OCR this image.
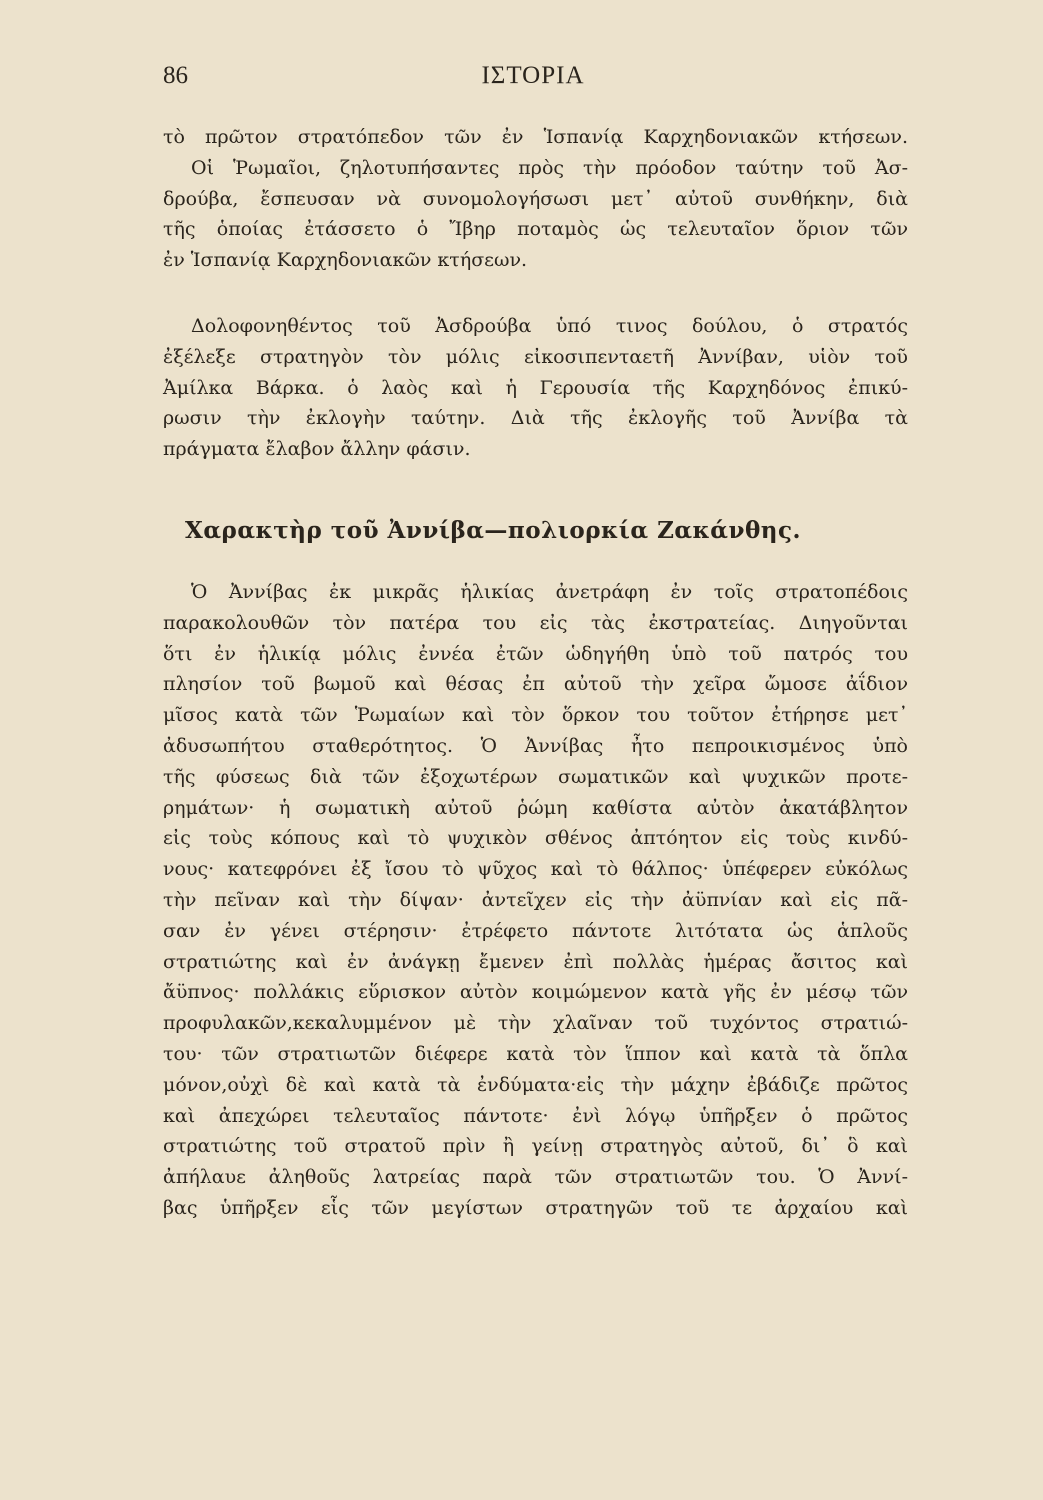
86	ΙΣΤΟΡΙΑ
τὸ πρῶτον στρατόπεδον τῶν ἐν Ἱσπανίᾳ Καρχηδονιακῶν κτήσεων.
Οἱ Ῥωμαῖοι, ζηλοτυπήσαντες πρὸς τὴν πρόοδον ταύτην τοῦ Ἀσ-
δρούβα, ἔσπευσαν νὰ συνομολογήσωσι μετ᾽ αὐτοῦ συνθήκην, διὰ
τῆς ὁποίας ἐτάσσετο ὁ Ἴβηρ ποταμὸς ὡς τελευταῖον ὅριον τῶν
ἐν Ἱσπανίᾳ Καρχηδονιακῶν κτήσεων.
Δολοφονηθέντος τοῦ Ἀσδρούβα ὑπό τινος δούλου, ὁ στρατός
ἐξέλεξε στρατηγὸν τὸν μόλις εἰκοσιπενταετῆ Ἀννίβαν, υἱὸν τοῦ
Ἀμίλκα Βάρκα. ὁ λαὸς καὶ ἡ Γερουσία τῆς Καρχηδόνος ἐπικύ-
ρωσιν τὴν ἐκλογὴν ταύτην. Διὰ τῆς ἐκλογῆς τοῦ Ἀννίβα τὰ
πράγματα ἔλαβον ἄλλην φάσιν.
Χαρακτὴρ τοῦ Ἀννίβα—πολιορκία Ζακάνθης.
Ὁ Ἀννίβας ἐκ μικρᾶς ἡλικίας ἀνετράφη ἐν τοῖς στρατοπέδοις
παρακολουθῶν τὸν πατέρα του εἰς τὰς ἐκστρατείας. Διηγοῦνται
ὅτι ἐν ἡλικίᾳ μόλις ἐννέα ἐτῶν ὡδηγήθη ὑπὸ τοῦ πατρός του
πλησίον τοῦ βωμοῦ καὶ θέσας ἐπ αὐτοῦ τὴν χεῖρα ὤμοσε ἀΐδιον
μῖσος κατὰ τῶν Ῥωμαίων καὶ τὸν ὅρκον του τοῦτον ἐτήρησε μετ᾽
ἀδυσωπήτου σταθερότητος. Ὁ Ἀννίβας ἦτο πεπροικισμένος ὑπὸ
τῆς φύσεως διὰ τῶν ἐξοχωτέρων σωματικῶν καὶ ψυχικῶν προτε-
ρημάτων· ἡ σωματικὴ αὐτοῦ ῥώμη καθίστα αὐτὸν ἀκατάβλητον
εἰς τοὺς κόπους καὶ τὸ ψυχικὸν σθένος ἀπτόητον εἰς τοὺς κινδύ-
νους· κατεφρόνει ἐξ ἴσου τὸ ψῦχος καὶ τὸ θάλπος· ὑπέφερεν εὐκόλως
τὴν πεῖναν καὶ τὴν δίψαν· ἀντεῖχεν εἰς τὴν ἀϋπνίαν καὶ εἰς πᾶ-
σαν ἐν γένει στέρησιν· ἐτρέφετο πάντοτε λιτότατα ὡς ἁπλοῦς
στρατιώτης καὶ ἐν ἀνάγκῃ ἔμενεν ἐπὶ πολλὰς ἡμέρας ἄσιτος καὶ
ἄϋπνος· πολλάκις εὕρισκον αὐτὸν κοιμώμενον κατὰ γῆς ἐν μέσῳ τῶν
προφυλακῶν,κεκαλυμμένον μὲ τὴν χλαῖναν τοῦ τυχόντος στρατιώ-
του· τῶν στρατιωτῶν διέφερε κατὰ τὸν ἵππον καὶ κατὰ τὰ ὅπλα
μόνον,οὐχὶ δὲ καὶ κατὰ τὰ ἐνδύματα·εἰς τὴν μάχην ἐβάδιζε πρῶτος
καὶ ἀπεχώρει τελευταῖος πάντοτε· ἐνὶ λόγῳ ὑπῆρξεν ὁ πρῶτος
στρατιώτης τοῦ στρατοῦ πρὶν ἢ γείνῃ στρατηγὸς αὐτοῦ, δι᾽ ὃ καὶ
ἀπήλαυε ἀληθοῦς λατρείας παρὰ τῶν στρατιωτῶν του. Ὁ Ἀννί-
βας ὑπῆρξεν εἷς τῶν μεγίστων στρατηγῶν τοῦ τε ἀρχαίου καὶ
